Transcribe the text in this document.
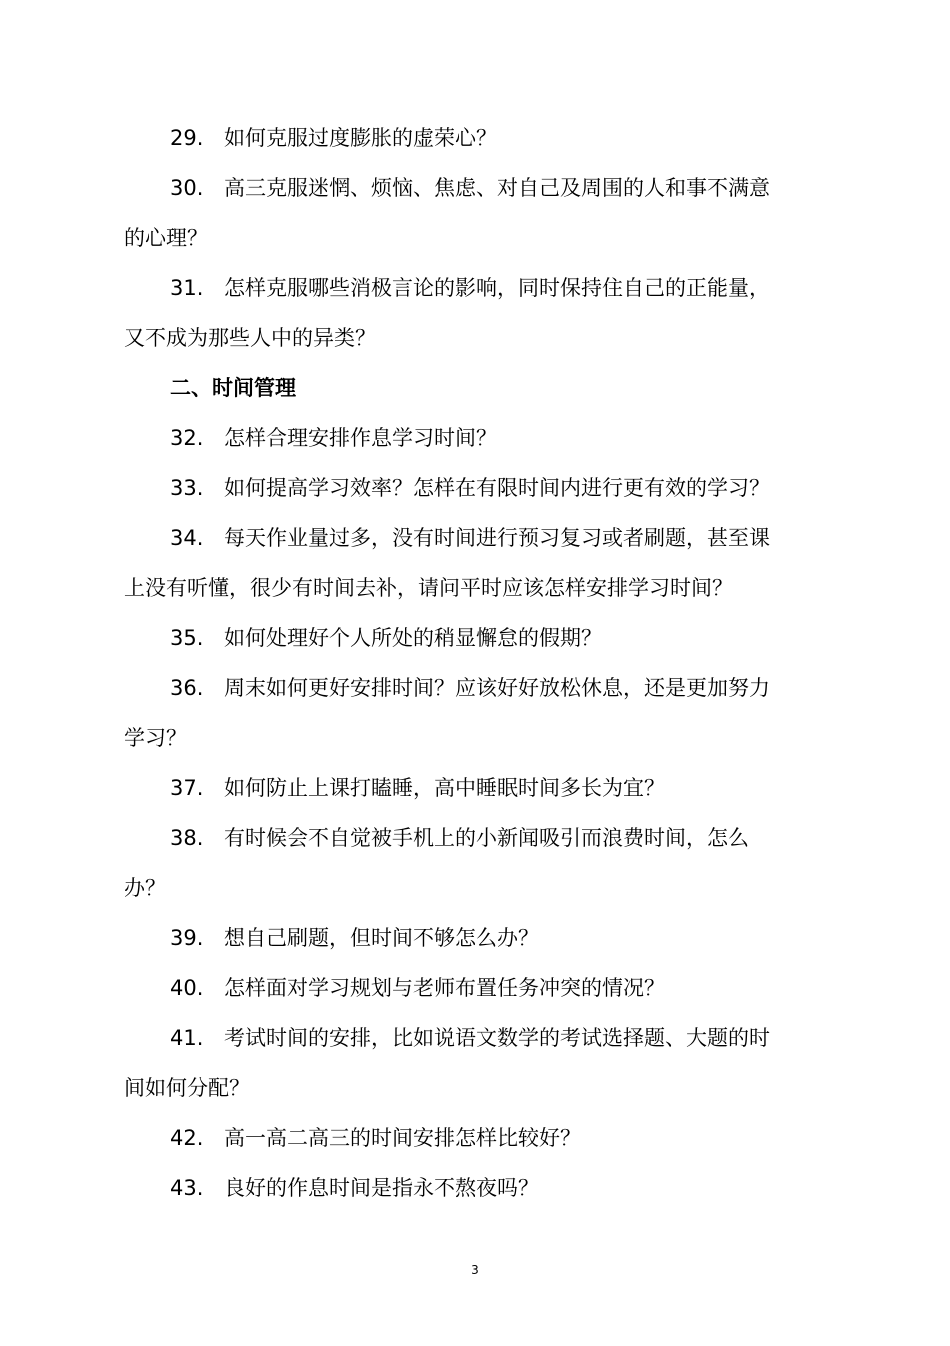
29. 如何克服过度膨胀的虚荣心？
30. 高三克服迷惘、烦恼、焦虑、对自己及周围的人和事不满意
的心理？
31. 怎样克服哪些消极言论的影响，同时保持住自己的正能量，
又不成为那些人中的异类？
二、时间管理
32. 怎样合理安排作息学习时间？
33. 如何提高学习效率？怎样在有限时间内进行更有效的学习？
34. 每天作业量过多，没有时间进行预习复习或者刷题，甚至课
上没有听懂，很少有时间去补，请问平时应该怎样安排学习时间？
35. 如何处理好个人所处的稍显懈怠的假期？
36. 周末如何更好安排时间？应该好好放松休息，还是更加努力
学习？
37. 如何防止上课打瞌睡，高中睡眠时间多长为宜？
38. 有时候会不自觉被手机上的小新闻吸引而浪费时间，怎么
办？
39. 想自己刷题，但时间不够怎么办？
40. 怎样面对学习规划与老师布置任务冲突的情况？
41. 考试时间的安排，比如说语文数学的考试选择题、大题的时
间如何分配？
42. 高一高二高三的时间安排怎样比较好？
43. 良好的作息时间是指永不熬夜吗？
3
